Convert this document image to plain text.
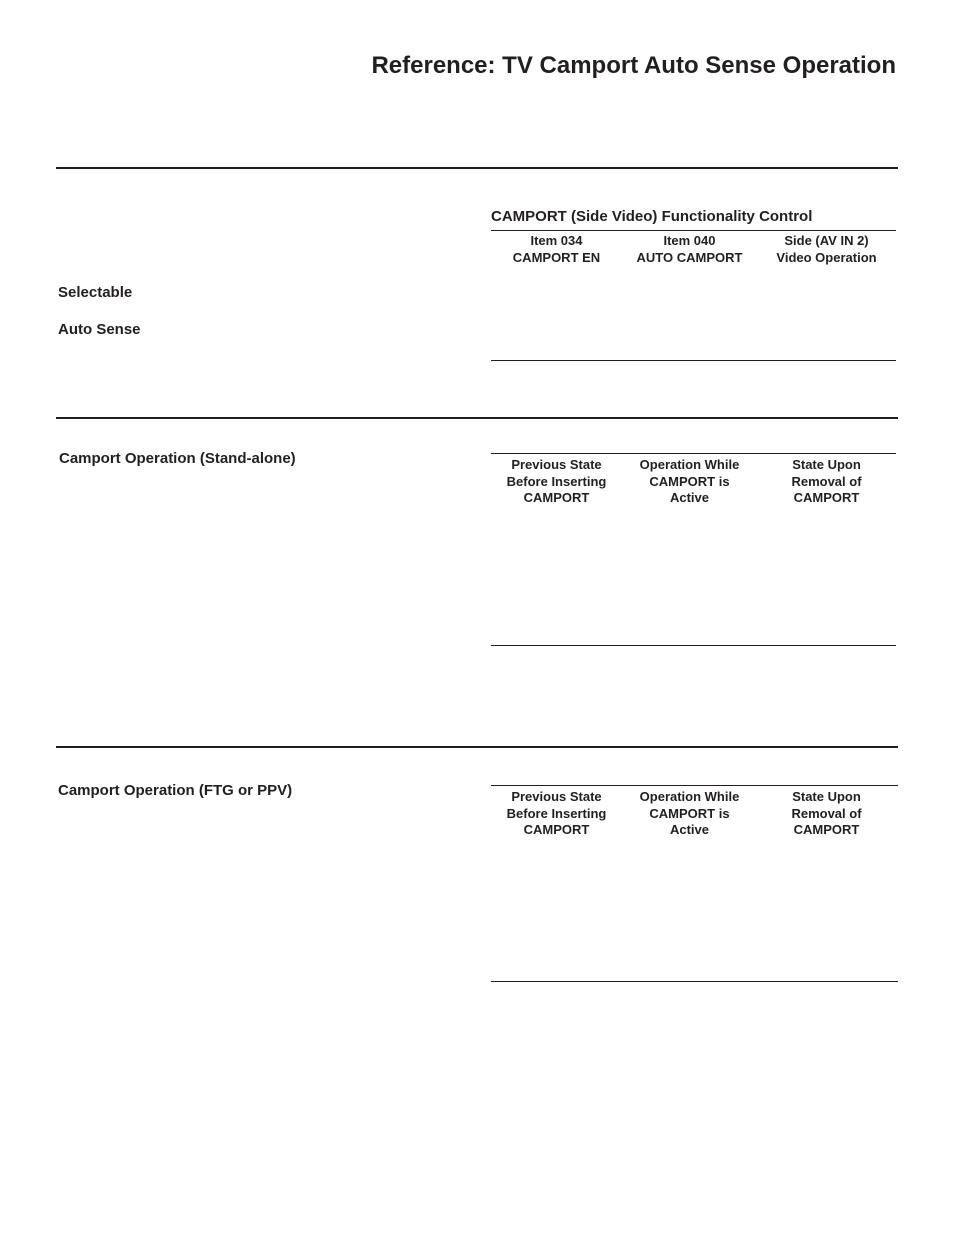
Reference: TV Camport Auto Sense Operation
CAMPORT (Side Video) Functionality Control
Item 034
CAMPORT EN
Item 040
AUTO CAMPORT
Side (AV IN 2)
Video Operation
Selectable
Auto Sense
Camport Operation (Stand-alone)	Previous State
Before Inserting
CAMPORT
Operation While
CAMPORT is
Active
State Upon
Removal of
CAMPORT
Camport Operation (FTG or PPV)	Previous State
Before Inserting
CAMPORT
Operation While
CAMPORT is
Active
State Upon
Removal of
CAMPORT
